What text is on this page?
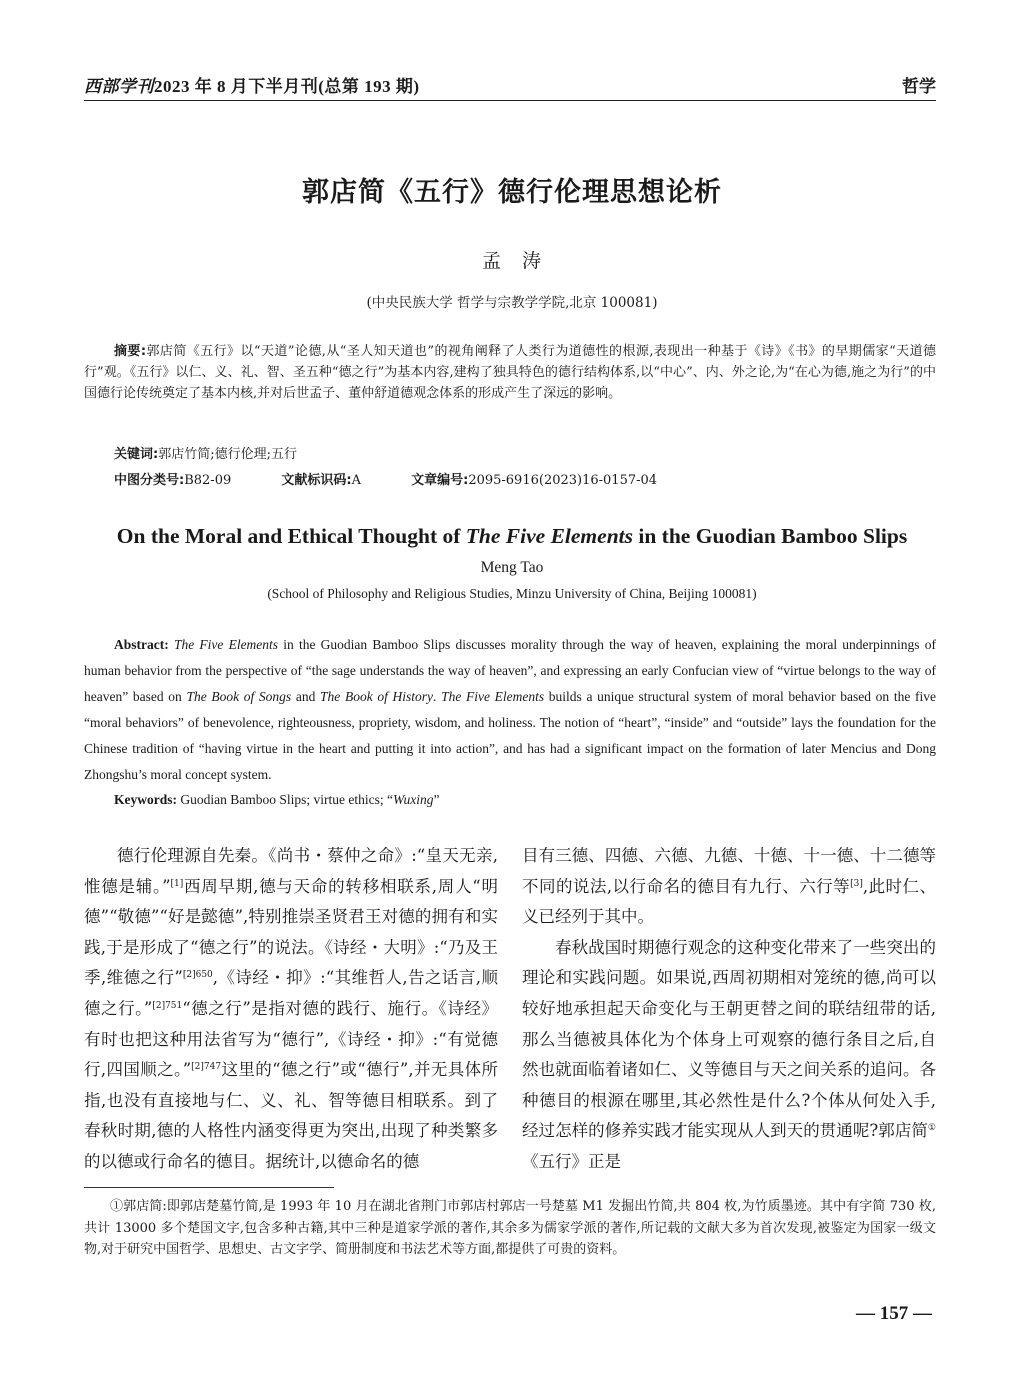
西部学刊2023 年 8 月下半月刊(总第 193 期)	哲学
郭店简《五行》德行伦理思想论析
孟　涛
(中央民族大学 哲学与宗教学学院,北京 100081)
摘要:郭店简《五行》以“天道”论德,从“圣人知天道也”的视角阐释了人类行为道德性的根源,表现出一种基于《诗》《书》的早期儒家“天道德行”观。《五行》以仁、义、礼、智、圣五种“德之行”为基本内容,建构了独具特色的德行结构体系,以“中心”、内、外之论,为“在心为德,施之为行”的中国德行论传统奠定了基本内核,并对后世孟子、董仲舒道德观念体系的形成产生了深远的影响。
关键词:郭店竹简;德行伦理;五行
中图分类号:B82-09	文献标识码:A	文章编号:2095-6916(2023)16-0157-04
On the Moral and Ethical Thought of The Five Elements in the Guodian Bamboo Slips
Meng Tao
(School of Philosophy and Religious Studies, Minzu University of China, Beijing 100081)
Abstract: The Five Elements in the Guodian Bamboo Slips discusses morality through the way of heaven, explaining the moral underpinnings of human behavior from the perspective of “the sage understands the way of heaven”, and expressing an early Confucian view of “virtue belongs to the way of heaven” based on The Book of Songs and The Book of History. The Five Elements builds a unique structural system of moral behavior based on the five “moral behaviors” of benevolence, righteousness, propriety, wisdom, and holiness. The notion of “heart”, “inside” and “outside” lays the foundation for the Chinese tradition of “having virtue in the heart and putting it into action”, and has had a significant impact on the formation of later Mencius and Dong Zhongshu’s moral concept system.
Keywords: Guodian Bamboo Slips; virtue ethics; “Wuxing”

德行伦理源自先秦。《尚书・蔡仲之命》:“皇天无亲,惟德是辅。”[1]西周早期,德与天命的转移相联系,周人“明德”“敬德”“好是懿德”,特别推崇圣贤君王对德的拥有和实践,于是形成了“德之行”的说法。《诗经・大明》:“乃及王季,维德之行”$^{[2]650}$,《诗经・抑》:“其维哲人,告之话言,顺德之行。”$^{[2]751}$“德之行”是指对德的践行、施行。《诗经》有时也把这种用法省写为“德行”,《诗经・抑》:“有觉德行,四国顺之。”$^{[2]747}$这里的“德之行”或“德行”,并无具体所指,也没有直接地与仁、义、礼、智等德目相联系。到了春秋时期,德的人格性内涵变得更为突出,出现了种类繁多的以德或行命名的德目。据统计,以德命名的德

目有三德、四德、六德、九德、十德、十一德、十二德等不同的说法,以行命名的德目有九行、六行等[3],此时仁、义已经列于其中。

春秋战国时期德行观念的这种变化带来了一些突出的理论和实践问题。如果说,西周初期相对笼统的德,尚可以较好地承担起天命变化与王朝更替之间的联结纽带的话,那么当德被具体化为个体身上可观察的德行条目之后,自然也就面临着诸如仁、义等德目与天之间关系的追问。各种德目的根源在哪里,其必然性是什么?个体从何处入手,经过怎样的修养实践才能实现从人到天的贯通呢?郭店简①《五行》正是

①郭店简:即郭店楚墓竹简,是 1993 年 10 月在湖北省荆门市郭店村郭店一号楚墓 M1 发掘出竹简,共 804 枚,为竹质墨迹。其中有字简 730 枚,共计 13000 多个楚国文字,包含多种古籍,其中三种是道家学派的著作,其余多为儒家学派的著作,所记载的文献大多为首次发现,被鉴定为国家一级文物,对于研究中国哲学、思想史、古文字学、简册制度和书法艺术等方面,都提供了可贵的资料。
— 157 —
